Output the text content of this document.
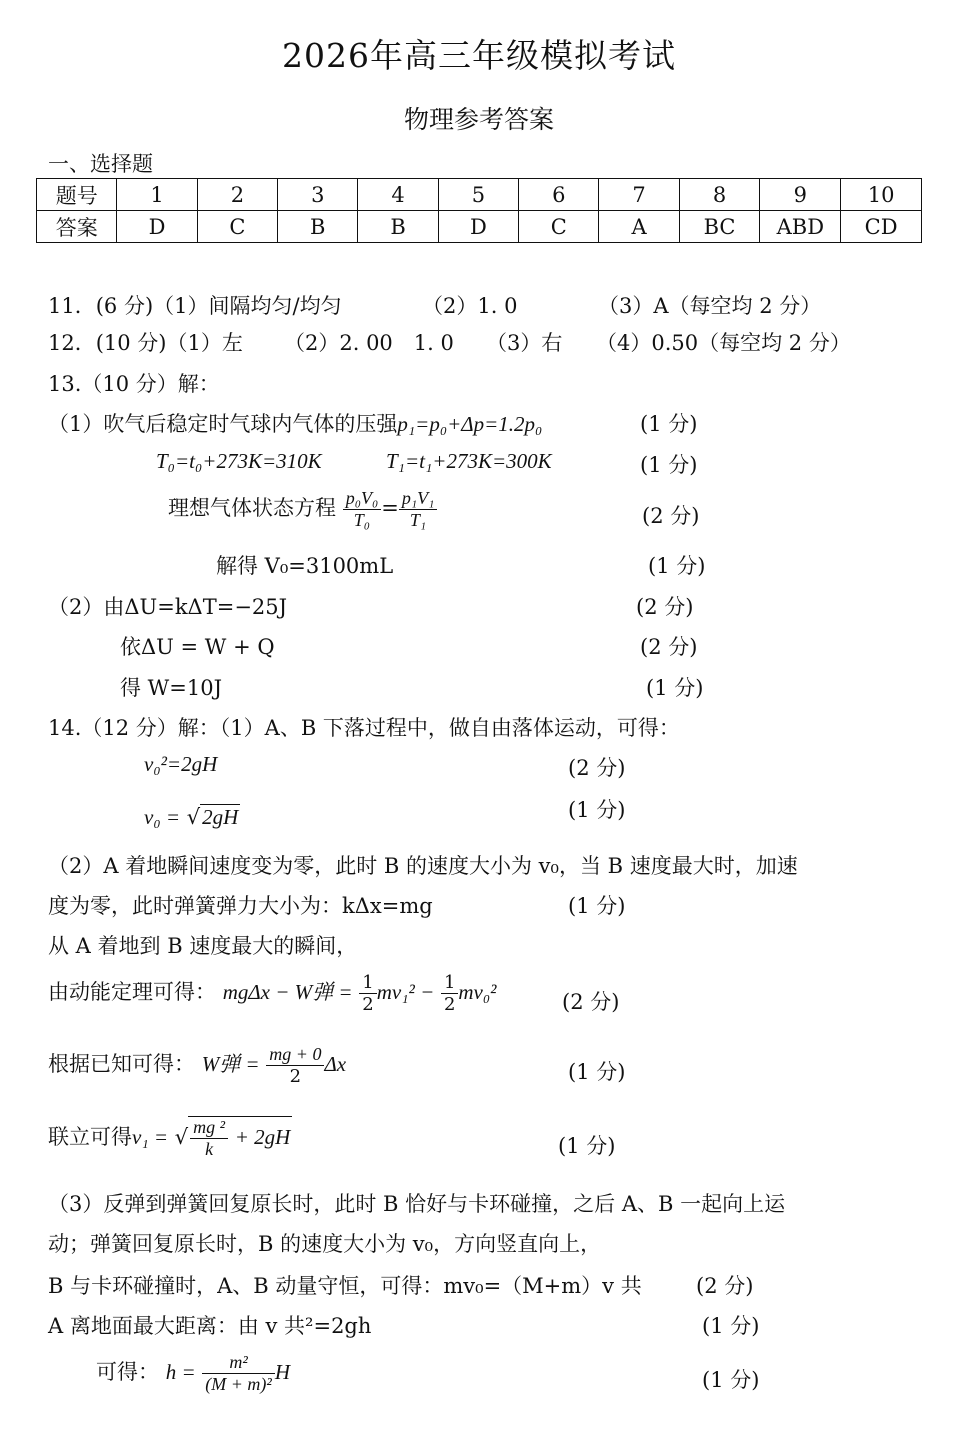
2026年高三年级模拟考试
物理参考答案
一、选择题
题号	1	2	3	4	5	6	7	8	9	10
答案	D	C	B	B	D	C	A	BC	ABD	CD
11．(6 分)（1）间隔均匀/均匀	（2）1. 0	（3）A（每空均 2 分）
12．(10 分)（1）左 （2）2. 00　1. 0 （3）右 （4）0.50（每空均 2 分）
13.（10 分）解：
（1）吹气后稳定时气球内气体的压强p₁=p₀+Δp=1.2p₀	(1 分)
T₀=t₀+273K=310K	T₁=t₁+273K=300K	(1 分)
理想气体状态方程 $\frac{\text{p₀V₀}}{\text{T₀}} = \frac{\text{p₁V₁}}{\text{T₁}}$	(2 分)
解得 V₀=3100mL	(1 分)
（2）由ΔU=kΔT=−25J	(2 分)
依ΔU = W + Q	(2 分)
得 W=10J	(1 分)
14.（12 分）解：（1）A、B 下落过程中，做自由落体运动，可得：
v₀²=2gH	(2 分)
v₀ = √2gH	(1 分)
（2）A 着地瞬间速度变为零，此时 B 的速度大小为 v₀，当 B 速度最大时，加速
度为零，此时弹簧弹力大小为：kΔx=mg	(1 分)
从 A 着地到 B 速度最大的瞬间，
由动能定理可得： mgΔx − W弹 = $\frac{1}{2} mv_1^2 - \frac{1}{2} mv_0^2$	(2 分)
根据已知可得： W弹 = $\frac{mg + 0}{2}$ Δx	(1 分)
联立可得v₁ = √ $\frac{\text{mg ²}}{k} + 2gH$	(1 分)
（3）反弹到弹簧回复原长时，此时 B 恰好与卡环碰撞，之后 A、B 一起向上运
动；弹簧回复原长时，B 的速度大小为 v₀，方向竖直向上，
B 与卡环碰撞时，A、B 动量守恒，可得：mv₀=（M+m）v 共	(2 分)
A 离地面最大距离：由 v 共²=2gh	(1 分)
可得： $h = \frac{\text{m²}}{\text{(M + m)²}}$ H	(1 分)
